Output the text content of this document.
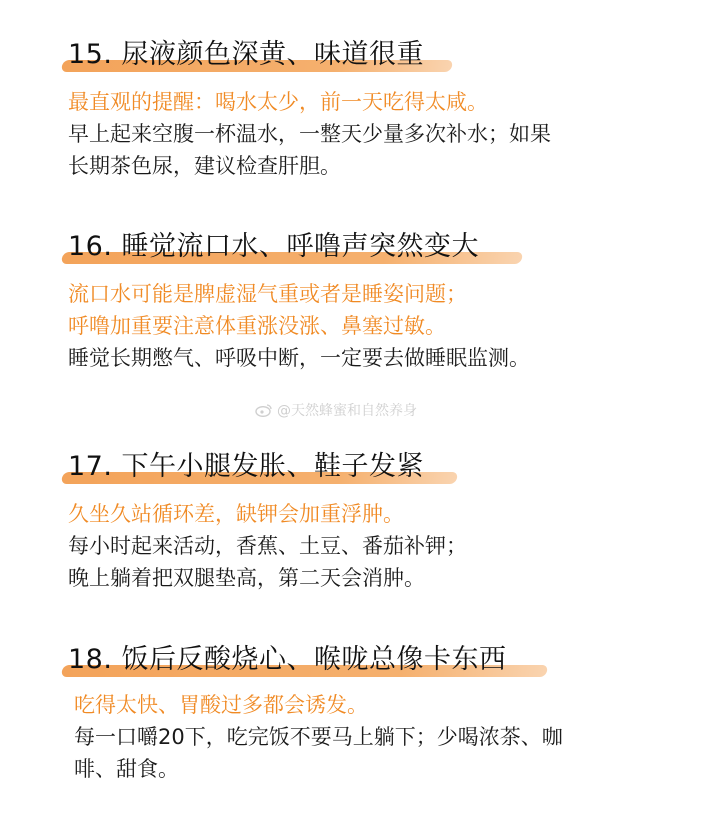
15. 尿液颜色深黄、味道很重
最直观的提醒：喝水太少，前一天吃得太咸。
早上起来空腹一杯温水，一整天少量多次补水；如果
长期茶色尿，建议检查肝胆。
16. 睡觉流口水、呼噜声突然变大
流口水可能是脾虚湿气重或者是睡姿问题；
呼噜加重要注意体重涨没涨、鼻塞过敏。
睡觉长期憋气、呼吸中断，一定要去做睡眠监测。
@天然蜂蜜和自然养身
17. 下午小腿发胀、鞋子发紧
久坐久站循环差，缺钾会加重浮肿。
每小时起来活动，香蕉、土豆、番茄补钾；
晚上躺着把双腿垫高，第二天会消肿。
18. 饭后反酸烧心、喉咙总像卡东西
吃得太快、胃酸过多都会诱发。
每一口嚼20下，吃完饭不要马上躺下；少喝浓茶、咖
啡、甜食。
